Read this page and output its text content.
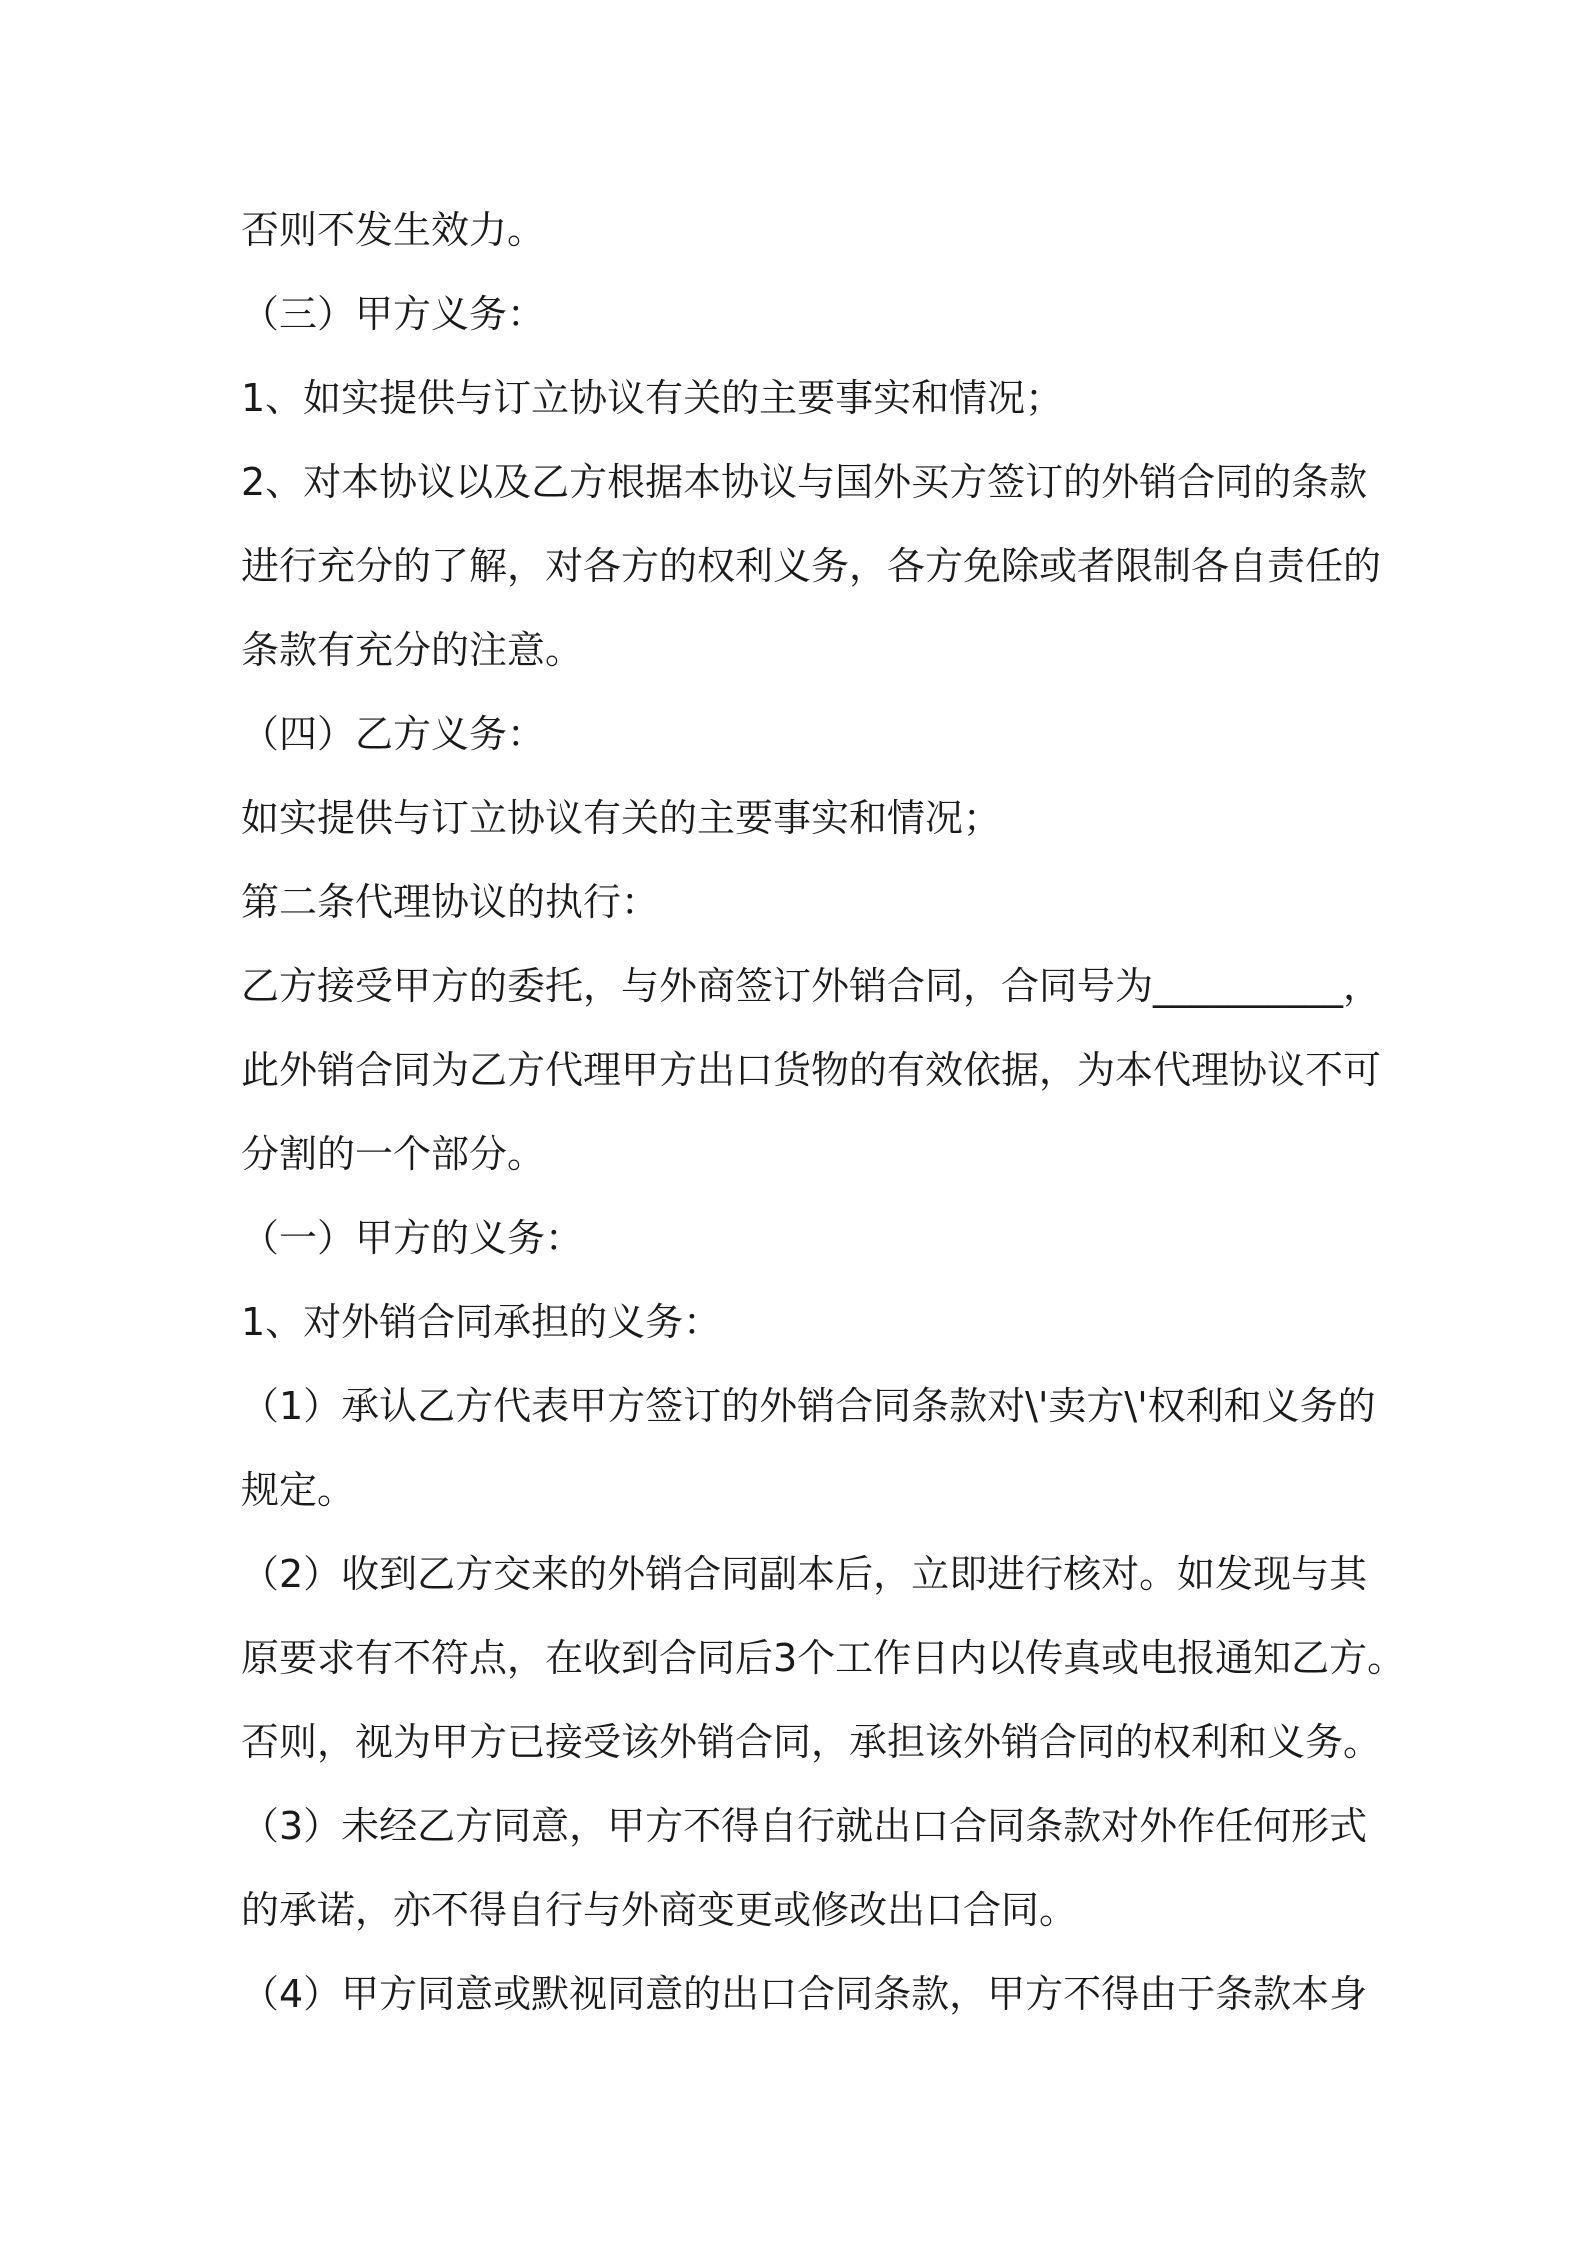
否则不发生效力。
（三）甲方义务：
1、如实提供与订立协议有关的主要事实和情况；
2、对本协议以及乙方根据本协议与国外买方签订的外销合同的条款
进行充分的了解，对各方的权利义务，各方免除或者限制各自责任的
条款有充分的注意。
（四）乙方义务：
如实提供与订立协议有关的主要事实和情况；
第二条代理协议的执行：
乙方接受甲方的委托，与外商签订外销合同，合同号为__________，
此外销合同为乙方代理甲方出口货物的有效依据，为本代理协议不可
分割的一个部分。
（一）甲方的义务：
1、对外销合同承担的义务：
（1）承认乙方代表甲方签订的外销合同条款对\'卖方\'权利和义务的
规定。
（2）收到乙方交来的外销合同副本后，立即进行核对。如发现与其
原要求有不符点，在收到合同后3个工作日内以传真或电报通知乙方。
否则，视为甲方已接受该外销合同，承担该外销合同的权利和义务。
（3）未经乙方同意，甲方不得自行就出口合同条款对外作任何形式
的承诺，亦不得自行与外商变更或修改出口合同。
（4）甲方同意或默视同意的出口合同条款，甲方不得由于条款本身
